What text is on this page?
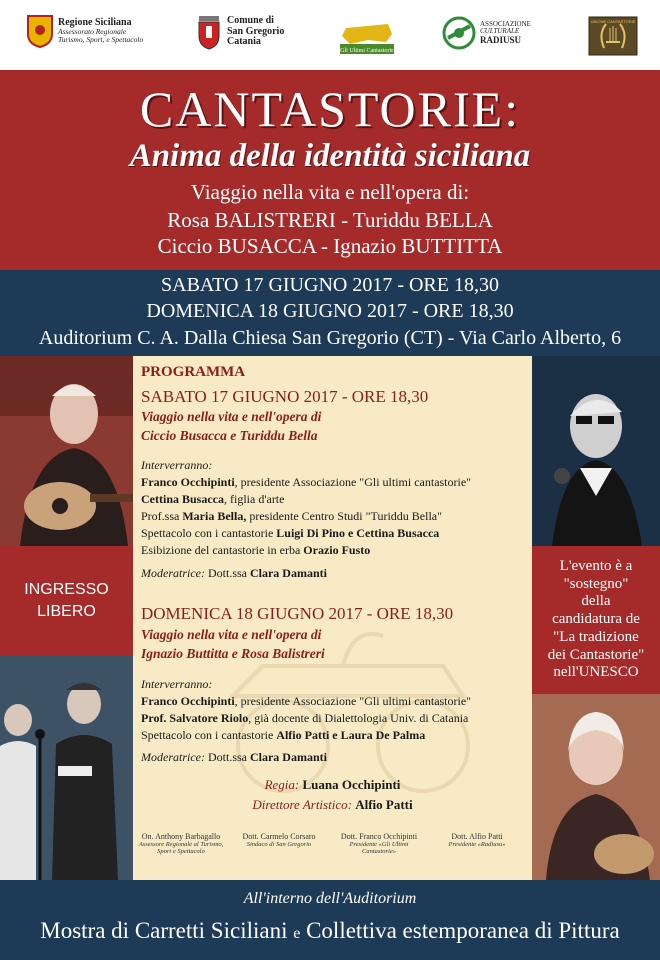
Regione Siciliana
Assessorato Regionale
Turismo, Sport, e Spettacolo
Comune di
San Gregorio
Catania
Gli Ultimi Cantastorie
ASSOCIAZIONE
CULTURALE
RADIUSU
UNIONE CANTASTORIE
CANTASTORIE:
Anima della identità siciliana
Viaggio nella vita e nell'opera di:
Rosa BALISTRERI - Turiddu BELLA
Ciccio BUSACCA - Ignazio BUTTITTA
SABATO 17 GIUGNO 2017 - ORE 18,30
DOMENICA 18 GIUGNO 2017 - ORE 18,30
Auditorium C. A. Dalla Chiesa San Gregorio (CT) - Via Carlo Alberto, 6
INGRESSO
LIBERO
L'evento è a
"sostegno"
della
candidatura de
"La tradizione
dei Cantastorie"
nell'UNESCO
PROGRAMMA
SABATO 17 GIUGNO 2017 - ORE 18,30
Viaggio nella vita e nell'opera di
Ciccio Busacca e Turiddu Bella
Interverranno:
Franco Occhipinti, presidente Associazione "Gli ultimi cantastorie"
Cettina Busacca, figlia d'arte
Prof.ssa Maria Bella, presidente Centro Studi "Turiddu Bella"
Spettacolo con i cantastorie Luigi Di Pino e Cettina Busacca
Esibizione del cantastorie in erba Orazio Fusto
Moderatrice: Dott.ssa Clara Damanti
DOMENICA 18 GIUGNO 2017 - ORE 18,30
Viaggio nella vita e nell'opera di
Ignazio Buttitta e Rosa Balistreri
Interverranno:
Franco Occhipinti, presidente Associazione "Gli ultimi cantastorie"
Prof. Salvatore Riolo, già docente di Dialettologia Univ. di Catania
Spettacolo con i cantastorie Alfio Patti e Laura De Palma
Moderatrice: Dott.ssa Clara Damanti
Regia: Luana Occhipinti
Direttore Artistico: Alfio Patti
On. Anthony Barbagallo
Assessore Regionale al Turismo,
Sport e Spettacolo
Dott. Carmelo Corsaro
Sindaco di San Gregorio
Dott. Franco Occhipinti
Presidente «Gli Ultimi Cantastorie»
Dott. Alfio Patti
Presidente «Radiusu»
All'interno dell'Auditorium
Mostra di Carretti Siciliani e Collettiva estemporanea di Pittura
